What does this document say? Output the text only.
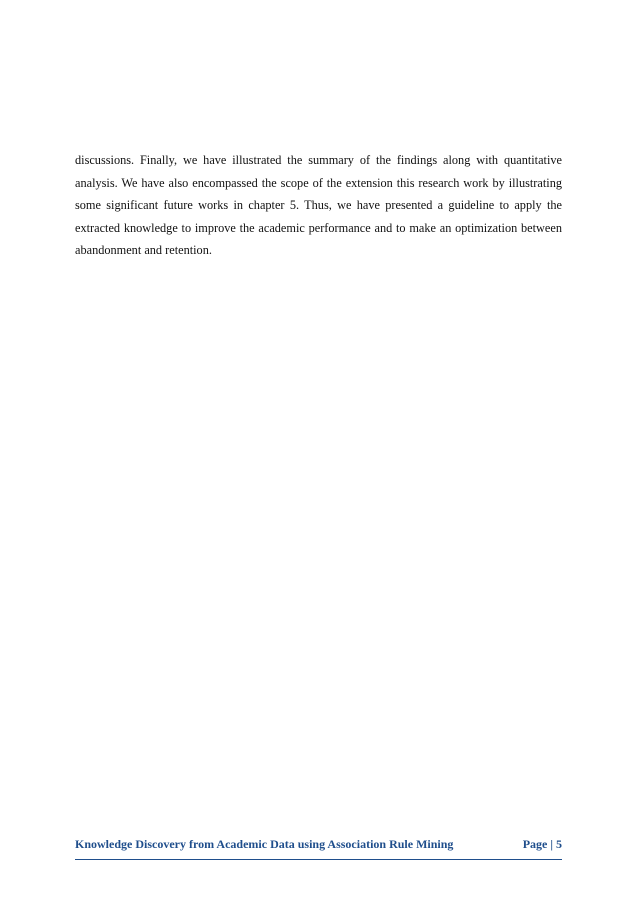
discussions. Finally, we have illustrated the summary of the findings along with quantitative analysis. We have also encompassed the scope of the extension this research work by illustrating some significant future works in chapter 5. Thus, we have presented a guideline to apply the extracted knowledge to improve the academic performance and to make an optimization between abandonment and retention.

Knowledge Discovery from Academic Data using Association Rule Mining	Page | 5
